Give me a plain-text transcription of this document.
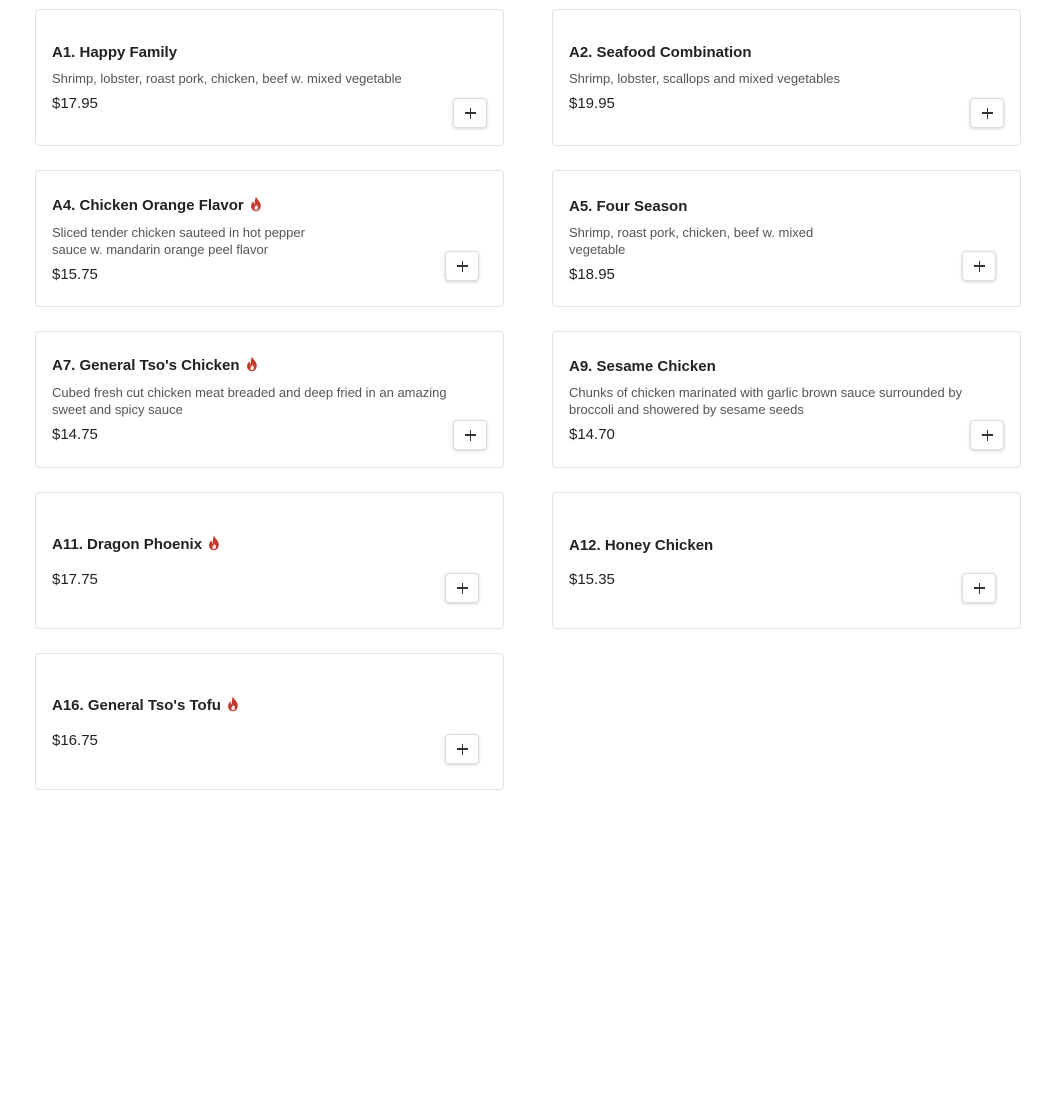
A1. Happy Family
Shrimp, lobster, roast pork, chicken, beef w. mixed vegetable
$17.95
A2. Seafood Combination
Shrimp, lobster, scallops and mixed vegetables
$19.95
A4. Chicken Orange Flavor
Sliced tender chicken sauteed in hot pepper sauce w. mandarin orange peel flavor
$15.75
A5. Four Season
Shrimp, roast pork, chicken, beef w. mixed vegetable
$18.95
A7. General Tso's Chicken
Cubed fresh cut chicken meat breaded and deep fried in an amazing sweet and spicy sauce
$14.75
A9. Sesame Chicken
Chunks of chicken marinated with garlic brown sauce surrounded by broccoli and showered by sesame seeds
$14.70
A11. Dragon Phoenix
$17.75
A12. Honey Chicken
$15.35
A16. General Tso's Tofu
$16.75
